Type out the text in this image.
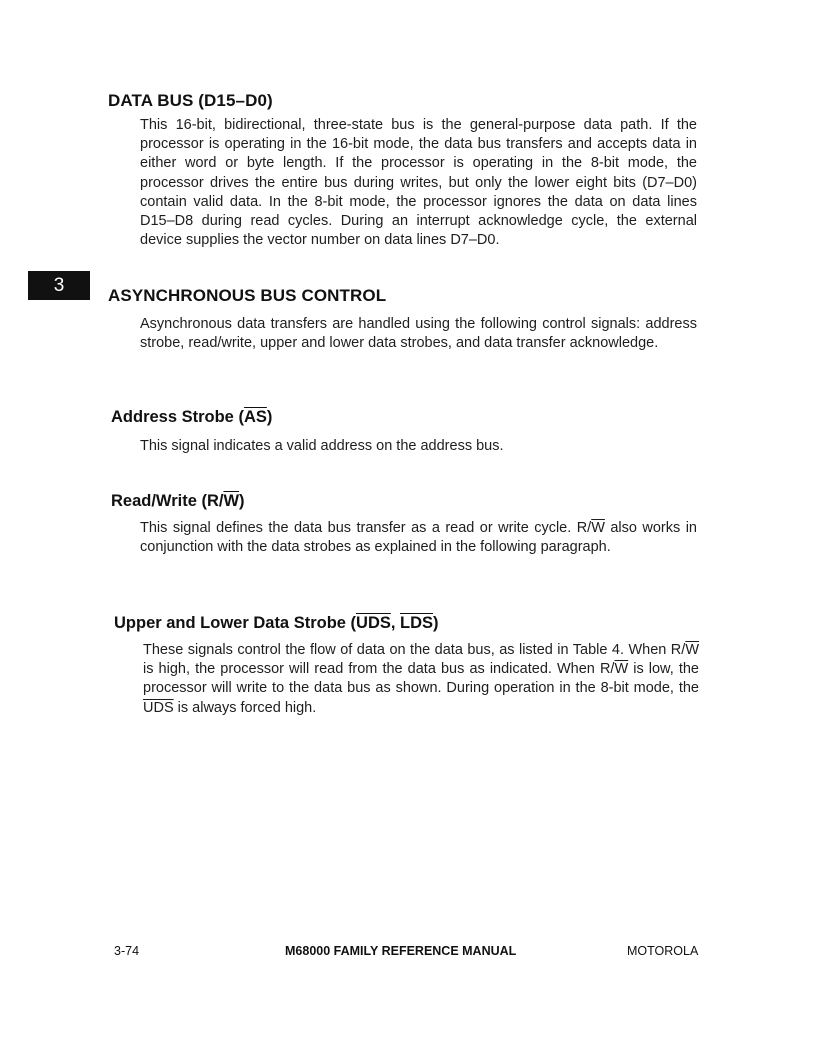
DATA BUS (D15–D0)

This 16-bit, bidirectional, three-state bus is the general-purpose data path. If the processor is operating in the 16-bit mode, the data bus transfers and accepts data in either word or byte length. If the processor is operating in the 8-bit mode, the processor drives the entire bus during writes, but only the lower eight bits (D7–D0) contain valid data. In the 8-bit mode, the processor ignores the data on data lines D15–D8 during read cycles. During an interrupt acknowledge cycle, the external device supplies the vector number on data lines D7–D0.

3	ASYNCHRONOUS BUS CONTROL

Asynchronous data transfers are handled using the following control signals: address strobe, read/write, upper and lower data strobes, and data transfer acknowledge.

Address Strobe (AS)

This signal indicates a valid address on the address bus.

Read/Write (R/W)

This signal defines the data bus transfer as a read or write cycle. $R/\overline{W}$ also works in conjunction with the data strobes as explained in the following paragraph.

Upper and Lower Data Strobe (UDS, LDS)

These signals control the flow of data on the data bus, as listed in Table 4. When $R/\overline{W}$ is high, the processor will read from the data bus as indicated. When $R/\overline{W}$ is low, the processor will write to the data bus as shown. During operation in the 8-bit mode, the $\overline{UDS}$ is always forced high.

3-74	M68000 FAMILY REFERENCE MANUAL	MOTOROLA
